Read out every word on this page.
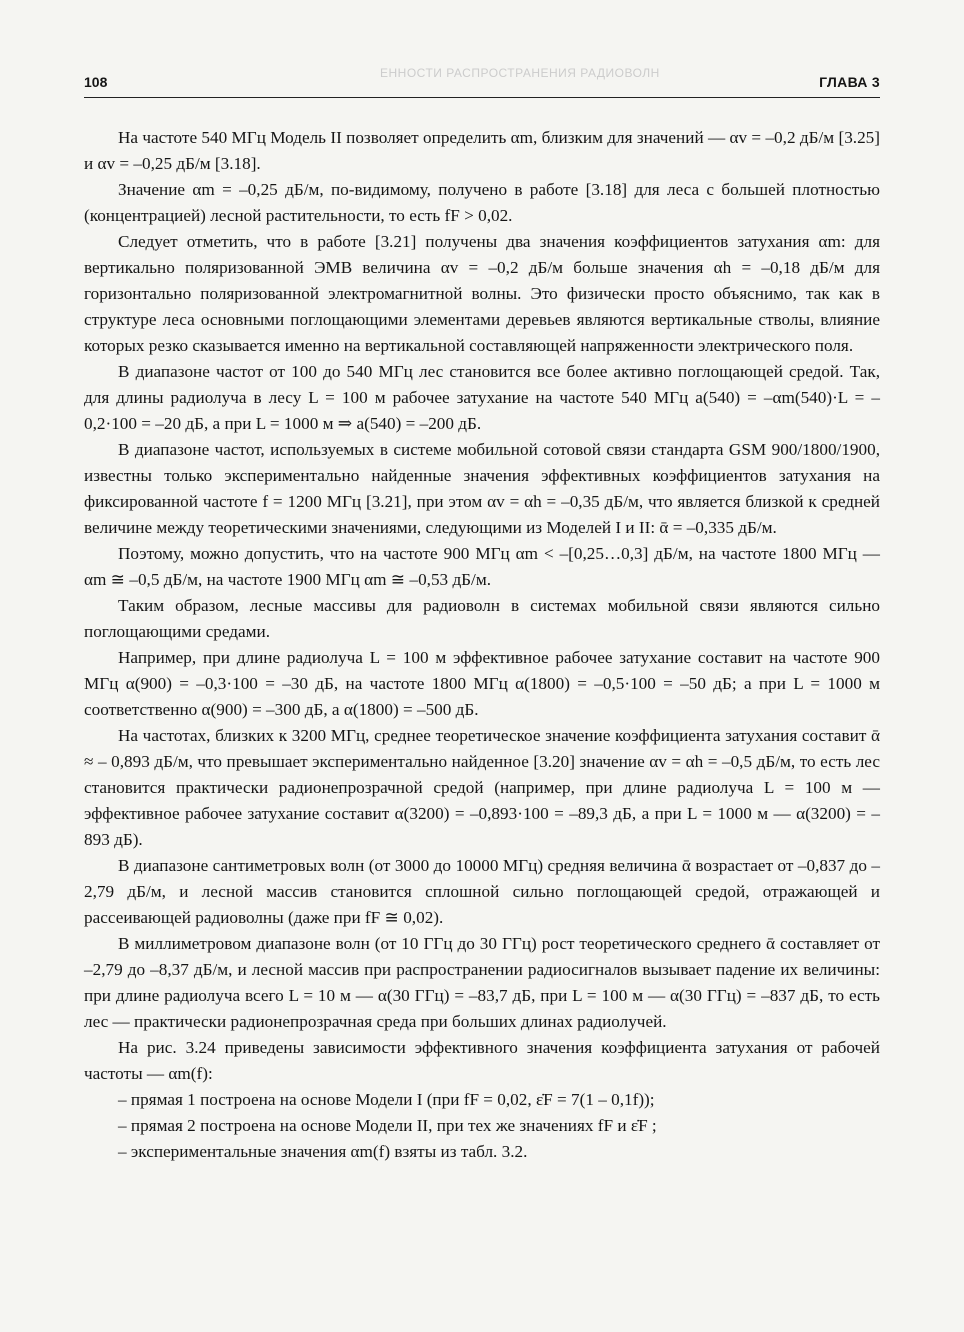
ЕННОСТИ РАСПРОСТРАНЕНИЯ РАДИОВОЛН
108	ГЛАВА 3

На частоте 540 МГц Модель II позволяет определить αm, близким для значений — αv = –0,2 дБ/м [3.25] и αv = –0,25 дБ/м [3.18].

Значение αm = –0,25 дБ/м, по-видимому, получено в работе [3.18] для леса с большей плотностью (концентрацией) лесной растительности, то есть fF > 0,02.

Следует отметить, что в работе [3.21] получены два значения коэффициентов затухания αm: для вертикально поляризованной ЭМВ величина αv = –0,2 дБ/м больше значения αh = –0,18 дБ/м для горизонтально поляризованной электромагнитной волны. Это физически просто объяснимо, так как в структуре леса основными поглощающими элементами деревьев являются вертикальные стволы, влияние которых резко сказывается именно на вертикальной составляющей напряженности электрического поля.

В диапазоне частот от 100 до 540 МГц лес становится все более активно поглощающей средой. Так, для длины радиолуча в лесу L = 100 м рабочее затухание на частоте 540 МГц a(540) = –αm(540)·L = –0,2·100 = –20 дБ, а при L = 1000 м ⇒ a(540) = –200 дБ.

В диапазоне частот, используемых в системе мобильной сотовой связи стандарта GSM 900/1800/1900, известны только экспериментально найденные значения эффективных коэффициентов затухания на фиксированной частоте f = 1200 МГц [3.21], при этом αv = αh = –0,35 дБ/м, что является близкой к средней величине между теоретическими значениями, следующими из Моделей I и II: ᾱ = –0,335 дБ/м.

Поэтому, можно допустить, что на частоте 900 МГц αm < –[0,25…0,3] дБ/м, на частоте 1800 МГц — αm ≅ –0,5 дБ/м, на частоте 1900 МГц αm ≅ –0,53 дБ/м.

Таким образом, лесные массивы для радиоволн в системах мобильной связи являются сильно поглощающими средами.

Например, при длине радиолуча L = 100 м эффективное рабочее затухание составит на частоте 900 МГц α(900) = –0,3·100 = –30 дБ, на частоте 1800 МГц α(1800) = –0,5·100 = –50 дБ; а при L = 1000 м соответственно α(900) = –300 дБ, а α(1800) = –500 дБ.

На частотах, близких к 3200 МГц, среднее теоретическое значение коэффициента затухания составит ᾱ ≈ – 0,893 дБ/м, что превышает экспериментально найденное [3.20] значение αv = αh = –0,5 дБ/м, то есть лес становится практически радионепрозрачной средой (например, при длине радиолуча L = 100 м — эффективное рабочее затухание составит α(3200) = –0,893·100 = –89,3 дБ, а при L = 1000 м — α(3200) = –893 дБ).

В диапазоне сантиметровых волн (от 3000 до 10000 МГц) средняя величина ᾱ возрастает от –0,837 до –2,79 дБ/м, и лесной массив становится сплошной сильно поглощающей средой, отражающей и рассеивающей радиоволны (даже при fF ≅ 0,02).

В миллиметровом диапазоне волн (от 10 ГГц до 30 ГГц) рост теоретического среднего ᾱ составляет от –2,79 до –8,37 дБ/м, и лесной массив при распространении радиосигналов вызывает падение их величины: при длине радиолуча всего L = 10 м — α(30 ГГц) = –83,7 дБ, при L = 100 м — α(30 ГГц) = –837 дБ, то есть лес — практически радионепрозрачная среда при больших длинах радиолучей.

На рис. 3.24 приведены зависимости эффективного значения коэффициента затухания от рабочей частоты — αm(f):

– прямая 1 построена на основе Модели I (при fF = 0,02, ε̇F = 7(1 – 0,1f));

– прямая 2 построена на основе Модели II, при тех же значениях fF и ε̇F ;

– экспериментальные значения αm(f) взяты из табл. 3.2.
